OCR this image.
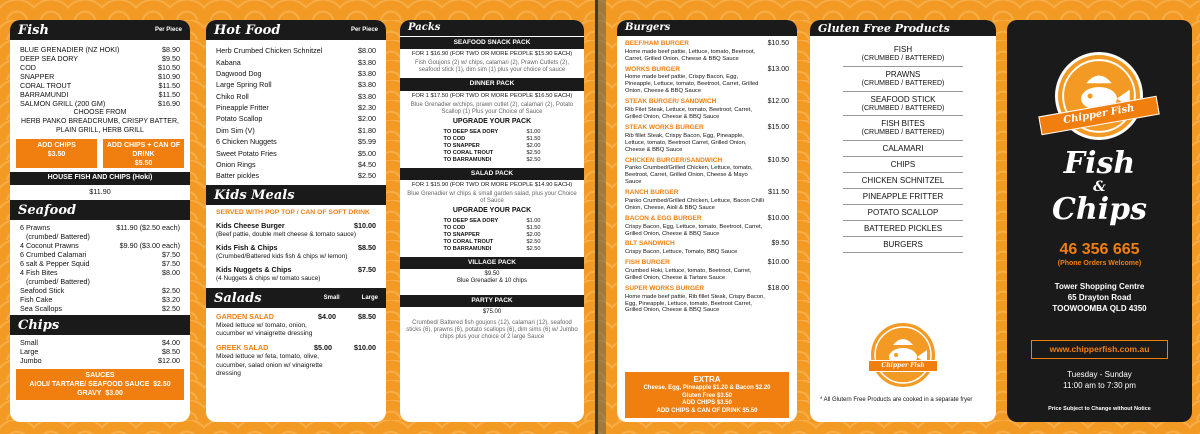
Fish	Per Piece
BLUE GRENADIER (NZ HOKI)	$8.90
DEEP SEA DORY	$9.50
COD	$10.50
SNAPPER	$10.90
CORAL TROUT	$11.50
BARRAMUNDI	$11.50
SALMON GRILL (200 GM)	$16.90
CHOOSE FROM
HERB PANKO BREADCRUMB, CRISPY BATTER, PLAIN GRILL, HERB GRILL
ADD CHIPS
$3.50
ADD CHIPS + CAN OF DRINK
$5.50
HOUSE FISH AND CHIPS (Hoki)
$11.90
Seafood
6 Prawns	$11.90 ($2.50 each)
(crumbed/ Battered)
4 Coconut Prawns	$9.90 ($3.00 each)
6 Crumbed Calamari	$7.50
6 salt & Pepper Squid	$7.50
4 Fish Bites	$8.00
(crumbed/ Battered)
Seafood Stick	$2.50
Fish Cake	$3.20
Sea Scallops	$2.50
Chips
Small	$4.00
Large	$8.50
Jumbo	$12.00
SAUCES
AIOLI/ TARTARE/ SEAFOOD SAUCE $2.50
GRAVY $3.00
Hot Food	Per Piece
Herb Crumbed Chicken Schnitzel	$8.00
Kabana	$3.80
Dagwood Dog	$3.80
Large Spring Roll	$3.80
Chiko Roll	$3.80
Pineapple Fritter	$2.30
Potato Scallop	$2.00
Dim Sim (V)	$1.80
6 Chicken Nuggets	$5.99
Sweet Potato Fries	$5.00
Onion Rings	$4.50
Batter pickles	$2.50
Kids Meals
SERVED WITH POP TOP / CAN OF SOFT DRINK
Kids Cheese Burger	$10.00
(Beef pattie, double melt cheese & tomato sauce)
Kids Fish & Chips	$8.50
(Crumbed/Battered kids fish & chips w/ lemon)
Kids Nuggets & Chips	$7.50
(4 Nuggets & chips w/ tomato sauce)
Salads	Small	Large
GARDEN SALAD	$4.00	$8.50
Mixed lettuce w/ tomato, onion, cucumber w/ vinaigrette dressing
GREEK SALAD	$5.00	$10.00
Mixed lettuce w/ feta, tomato, olive, cucumber, salad onion w/ vinaigrette dressing
Packs
SEAFOOD SNACK PACK
FOR 1 $16.90 (FOR TWO OR MORE PEOPLE $15.90 EACH)
Fish Goujons (2) w/ chips, calamari (2), Prawn Cutlets (2), seafood stick (1), dim sim (1) plus your choice of sauce
DINNER PACK
FOR 1 $17.50 (FOR TWO OR MORE PEOPLE $16.50 EACH)
Blue Grenadier w/chips, prawn cutlet (2), calamari (2), Potato Scallop (1) Plus your Choice of Sauce
UPGRADE YOUR PACK
TO DEEP SEA DORY	$1.00
TO COD	$1.50
TO SNAPPER	$2.00
TO CORAL TROUT	$2.50
TO BARRAMUNDI	$2.50
SALAD PACK
FOR 1 $15.90 (FOR TWO OR MORE PEOPLE $14.90 EACH)
Blue Grenadier w/ chips & small garden salad, plus your Choice of Sauce
UPGRADE YOUR PACK
TO DEEP SEA DORY	$1.00
TO COD	$1.50
TO SNAPPER	$2.00
TO CORAL TROUT	$2.50
TO BARRAMUNDI	$2.50
VILLAGE PACK
$9.50
Blue Grenadier & 10 chips
PARTY PACK
$75.00
Crumbed/ Battered fish goujons (12), calamari (12), seafood sticks (6), prawns (6), potato scallops (6), dim sims (6) w/ Jumbo chips plus your choice of 2 large Sauce
Burgers
BEEF/HAM BURGER	$10.50
Home made beef pattie, Lettuce, tomato, Beetroot, Carret, Grilled Onion, Cheese & BBQ Sauce
WORKS BURGER	$13.00
Home made beef pattie, Crispy Bacon, Egg, Pineapple, Lettuce, tomato, Beetroot, Carret, Grilled Onion, Cheese & BBQ Sauce
STEAK BURGER/ SANDWICH	$12.00
Rib Filet Steak, Lettuce, tomato, Beetroot, Carret, Grilled Onion, Cheese & BBQ Sauce
STEAK WORKS BURGER	$15.00
Rib fillet Steak, Crispy Bacon, Egg, Pineapple, Lettuce, tomato, Beetroot Carret, Grilled Onion, Cheese & BBQ Sauce
CHICKEN BURGER/SANDWICH	$10.50
Panko Crumbed/Grilled Chicken, Lettuce, tomato, Beetroot, Carret, Grilled Onion, Cheese & Mayo Sauce
RANCH BURGER	$11.50
Panko Crumbed/Grilled Chicken, Lettuce, Bacon Chilli Onion, Cheese, Aioli & BBQ Sauce
BACON & EGG BURGER	$10.00
Crispy Bacon, Egg, Lettuce, tomato, Beetroot, Carret, Grilled Onion, Cheese & BBQ Sauce
BLT SANDWICH	$9.50
Crispy Bacon, Lettuce, Tomato, BBQ Sauce
FISH BURGER	$10.00
Crumbed Hoki, Lettuce, tomato, Beetroot, Carret, Grilled Onion, Cheese & Tartare Sauce
SUPER WORKS BURGER	$18.00
Home made beef pattie, Rib fillet Steak, Crispy Bacon, Egg, Pineapple, Lettuce, tomato, Beetroot Carret, Grilled Onion, Cheese & BBQ Sauce
EXTRA
Cheese, Egg, Pineapple $1.20 & Bacon $2.20
Gluten Free $3.50
ADD CHIPS $3.50
ADD CHIPS & CAN OF DRINK $5.50
Gluten Free Products
FISH
(CRUMBED / BATTERED)
PRAWNS
(CRUMBED / BATTERED)
SEAFOOD STICK
(CRUMBED / BATTERED)
FISH BITES
(CRUMBED / BATTERED)
CALAMARI
CHIPS
CHICKEN SCHNITZEL
PINEAPPLE FRITTER
POTATO SCALLOP
BATTERED PICKLES
BURGERS
Chipper Fish
* All Glutern Free Products are cooked in a separate fryer
Chipper Fish
Fish
&
Chips
46 356 665
(Phone Orders Welcome)
Tower Shopping Centre
65 Drayton Road
TOOWOOMBA QLD 4350
www.chipperfish.com.au
Tuesday - Sunday
11:00 am to 7:30 pm
Price Subject to Change without Notice
